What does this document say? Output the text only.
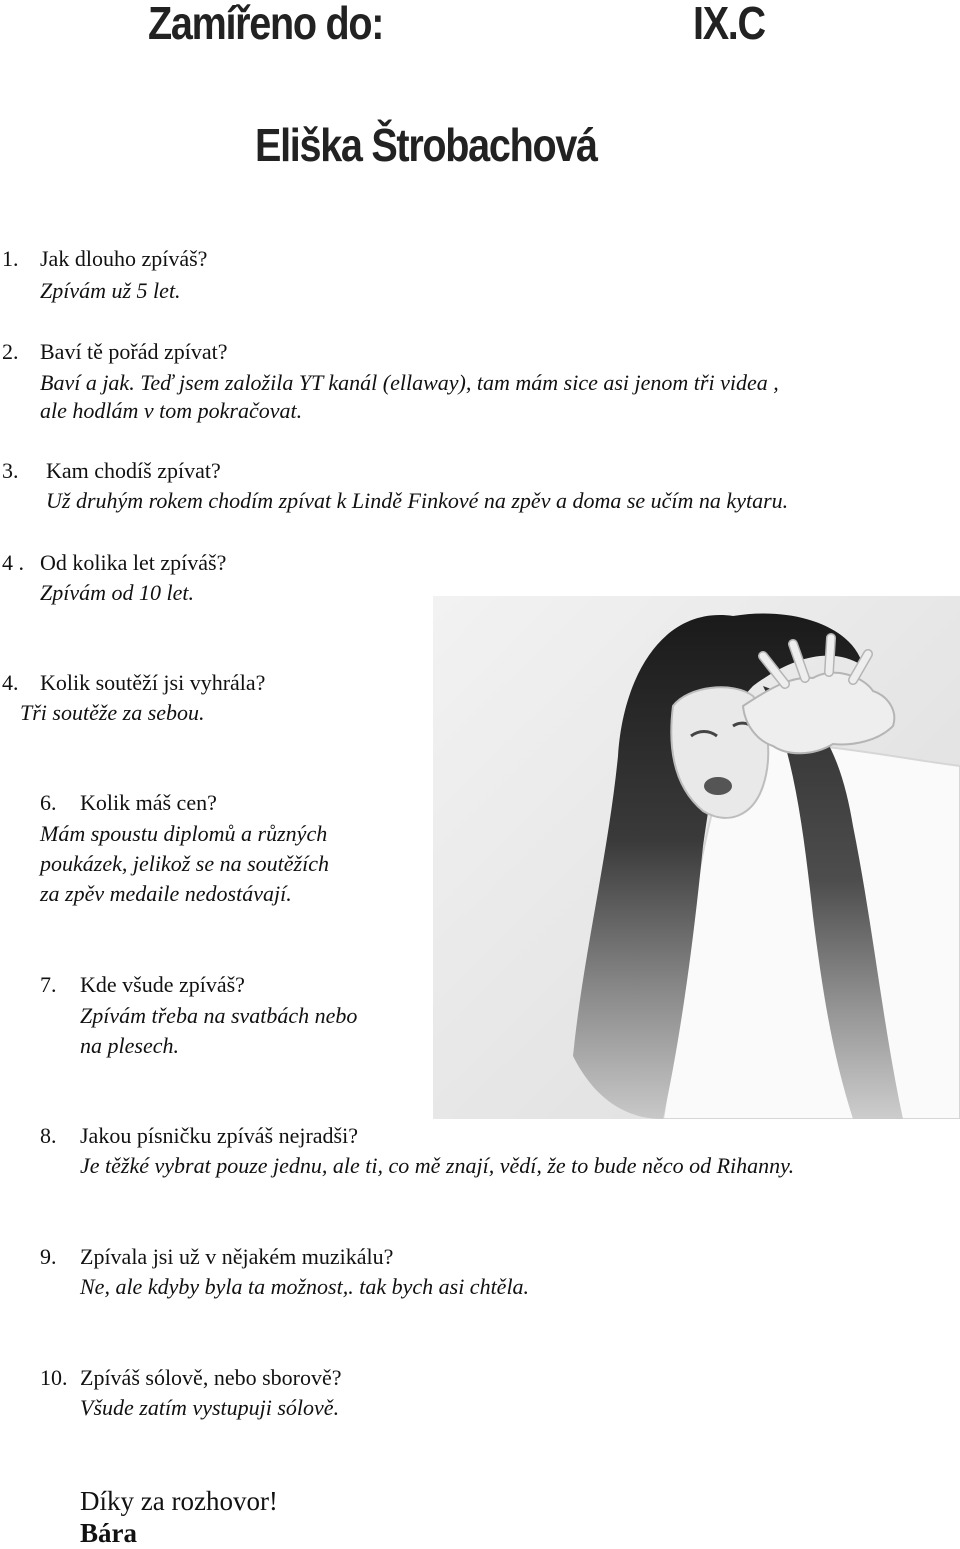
Zamířeno do:	IX.C
Eliška Štrobachová
1. Jak dlouho zpíváš?
Zpívám už 5 let.
2. Baví tě pořád zpívat?
Baví a jak. Teď jsem založila YT kanál (ellaway), tam mám sice asi jenom tři videa ,
ale hodlám v tom pokračovat.
3. Kam chodíš zpívat?
Už druhým rokem chodím zpívat k Lindě Finkové na zpěv a doma se učím na kytaru.
4 . Od kolika let zpíváš?
Zpívám od 10 let.
4. Kolik soutěží jsi vyhrála?
Tři soutěže za sebou.
6. Kolik máš cen?
Mám spoustu diplomů a různých
poukázek, jelikož se na soutěžích
za zpěv medaile nedostávají.
7. Kde všude zpíváš?
Zpívám třeba na svatbách nebo
na plesech.
8. Jakou písničku zpíváš nejradši?
Je těžké vybrat pouze jednu, ale ti, co mě znají, vědí, že to bude něco od Rihanny.
9. Zpívala jsi už v nějakém muzikálu?
Ne, ale kdyby byla ta možnost,. tak bych asi chtěla.
10. Zpíváš sólově, nebo sborově?
Všude zatím vystupuji sólově.
Díky za rozhovor!
Bára
